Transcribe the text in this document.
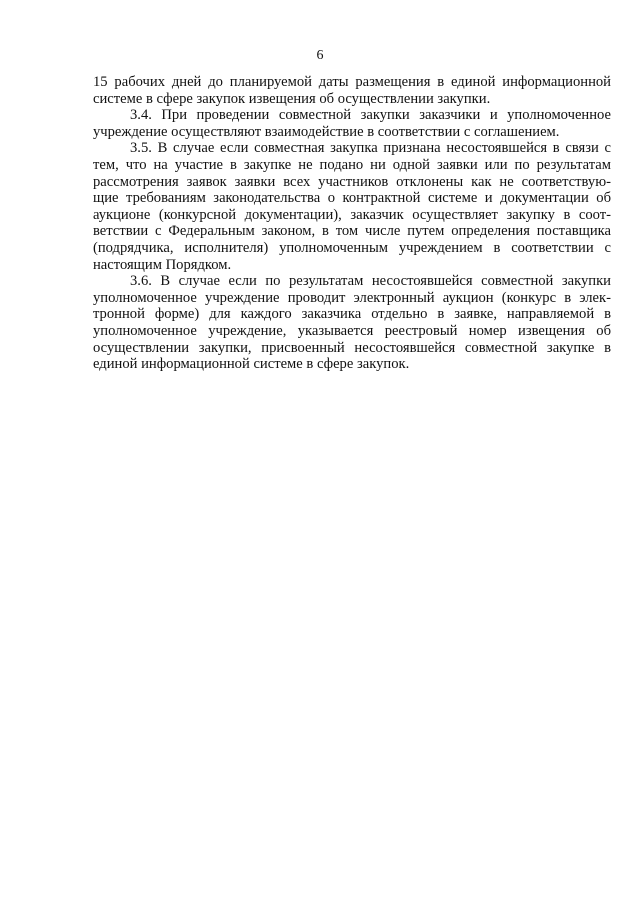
6
15 рабочих дней до планируемой даты размещения в единой информационной
системе в сфере закупок извещения об осуществлении закупки.
3.4. При проведении совместной закупки заказчики и уполномоченное
учреждение осуществляют взаимодействие в соответствии с соглашением.
3.5. В случае если совместная закупка признана несостоявшейся в связи с
тем, что на участие в закупке не подано ни одной заявки или по результатам
рассмотрения заявок заявки всех участников отклонены как не соответствую-
щие требованиям законодательства о контрактной системе и документации об
аукционе (конкурсной документации), заказчик осуществляет закупку в соот-
ветствии с Федеральным законом, в том числе путем определения поставщика
(подрядчика, исполнителя) уполномоченным учреждением в соответствии с
настоящим Порядком.
3.6. В случае если по результатам несостоявшейся совместной закупки
уполномоченное учреждение проводит электронный аукцион (конкурс в элек-
тронной форме) для каждого заказчика отдельно в заявке, направляемой в
уполномоченное учреждение, указывается реестровый номер извещения об
осуществлении закупки, присвоенный несостоявшейся совместной закупке в
единой информационной системе в сфере закупок.
